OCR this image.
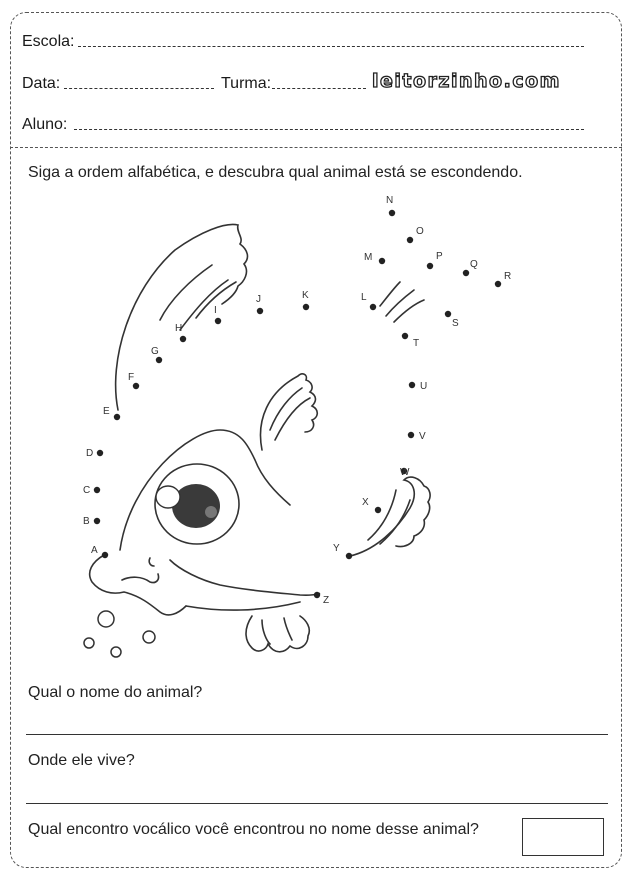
Escola:
Data:	Turma:	leitorzinho.com
Aluno:
Siga a ordem alfabética, e descubra qual animal está se escondendo.
A
B
C
D
E
F
G
H
I
J	K	L
M
N
O
P
Q
R
S
T
U
V
W
X
Y
Z
Qual o nome do animal?
Onde ele vive?
Qual encontro vocálico você encontrou no nome desse animal?
